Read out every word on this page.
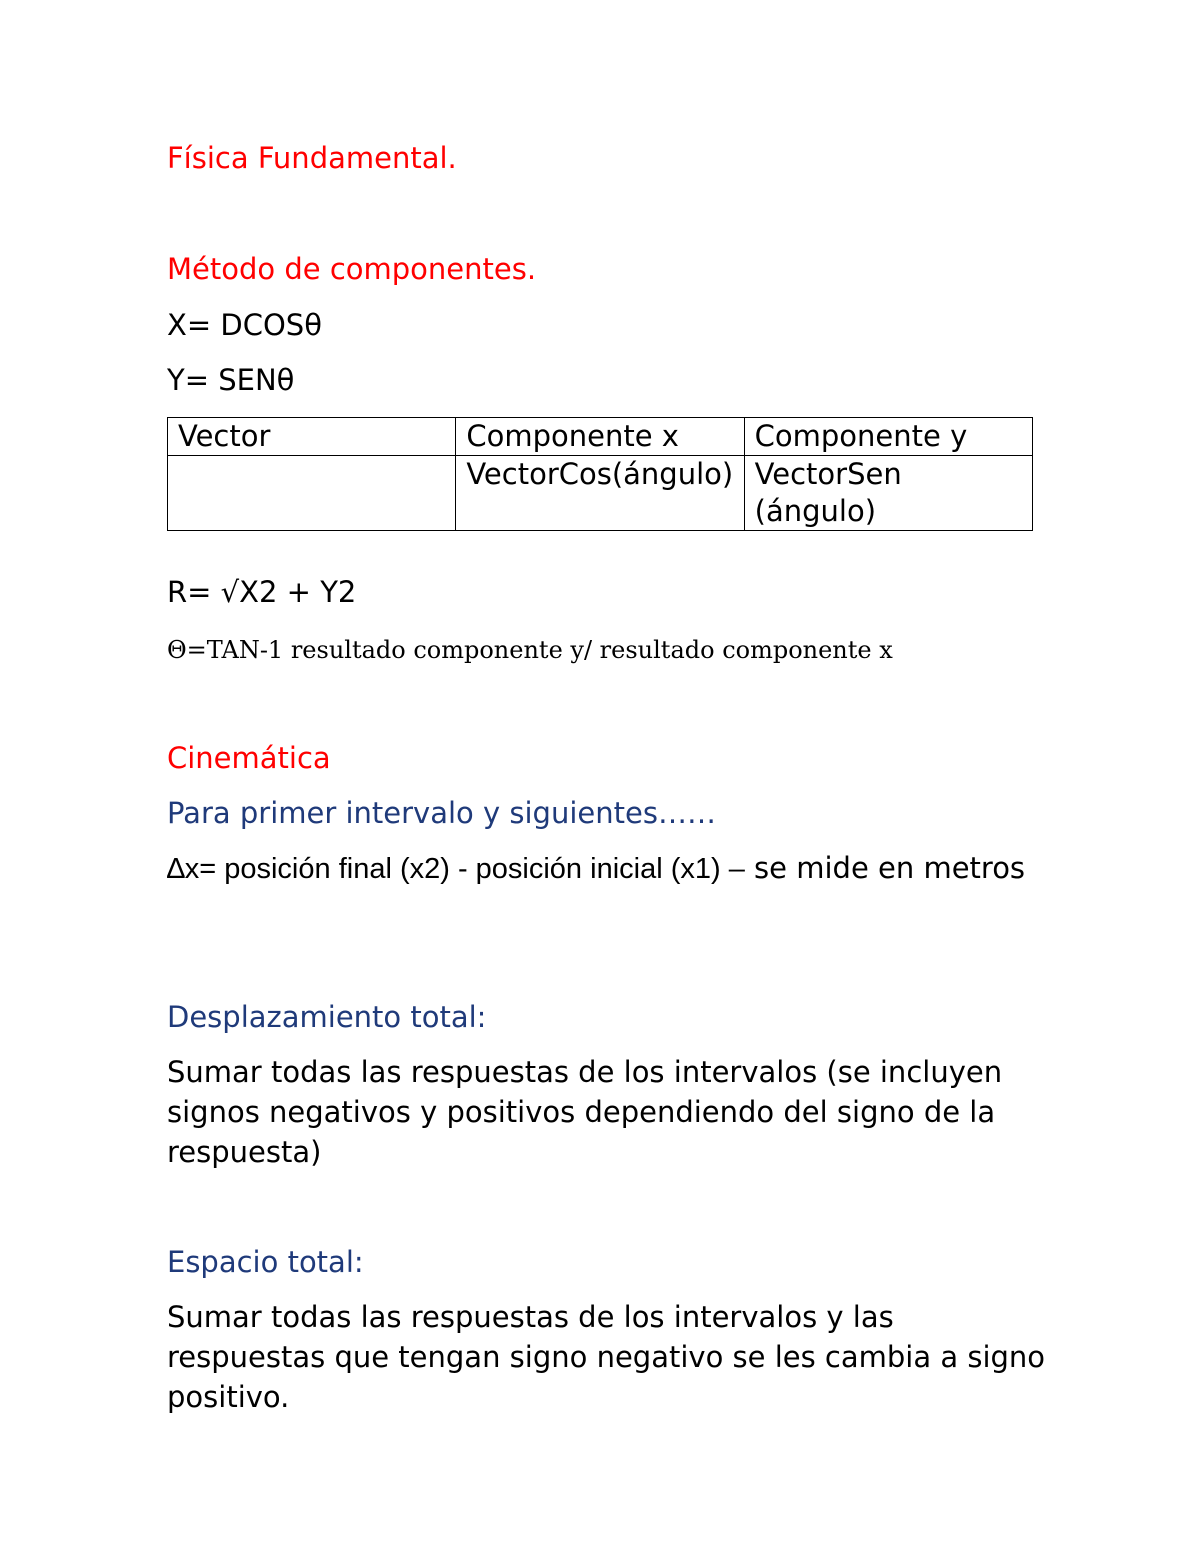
Física Fundamental.
Método de componentes.
X= DCOSθ
Y= SENθ
Vector	Componente x	Componente y
	VectorCos(ángulo)	VectorSen (ángulo)
R= √X2 + Y2
Θ=TAN-1 resultado componente y/ resultado componente x
Cinemática
Para primer intervalo y siguientes……
∆x= posición final (x2) - posición inicial (x1) – se mide en metros
Desplazamiento total:
Sumar todas las respuestas de los intervalos (se incluyen signos negativos y positivos dependiendo del signo de la respuesta)
Espacio total:
Sumar todas las respuestas de los intervalos y las respuestas que tengan signo negativo se les cambia a signo positivo.
